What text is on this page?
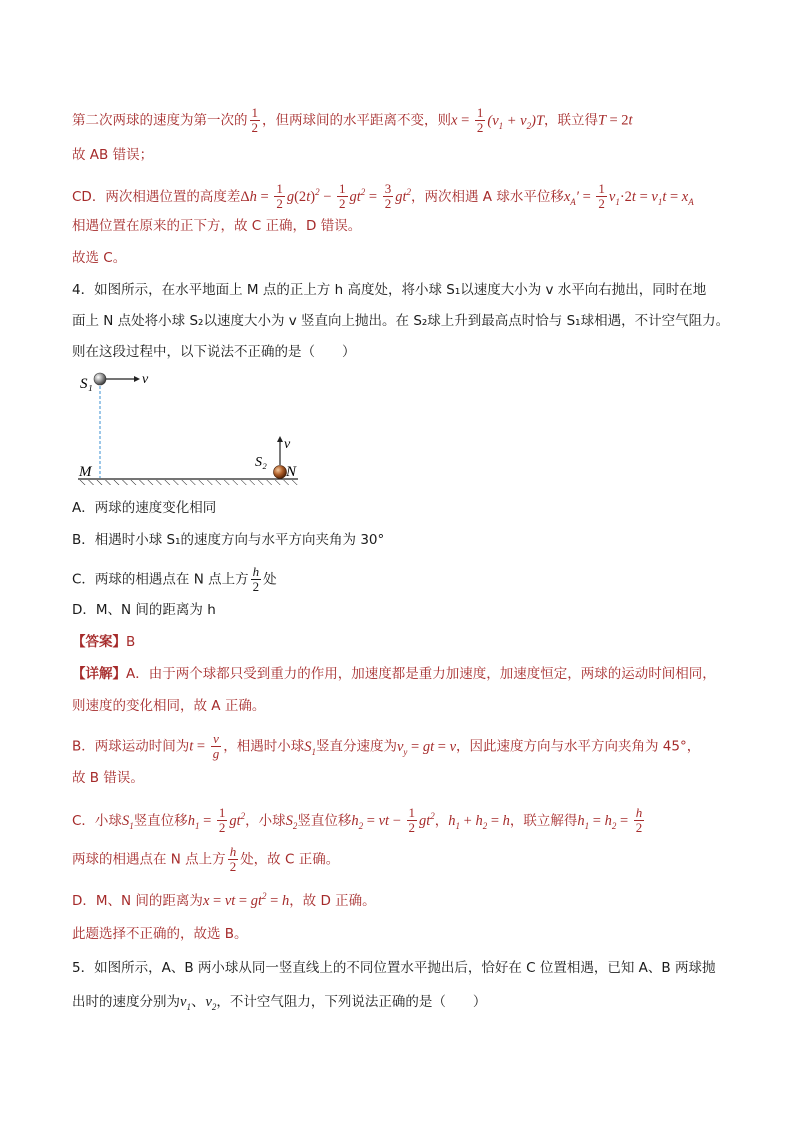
第二次两球的速度为第一次的 $\frac{1}{2}$ ，但两球间的水平距离不变，则$x = \frac{1}{2} (v_1 + v_2)T$，联立得T = 2t
故 AB 错误；
CD．两次相遇位置的高度差$\Delta h = \frac{1}{2} g(2t)^2 - \frac{1}{2} gt^2 = \frac{3}{2} gt^2$，两次相遇 A 球水平位移$x_A' = \frac{1}{2} v_1\cdot 2t = v_1t = x_A$
相遇位置在原来的正下方，故 C 正确，D 错误。
故选 C。
4．如图所示，在水平地面上 M 点的正上方 h 高度处，将小球 S₁以速度大小为 v 水平向右抛出，同时在地
面上 N 点处将小球 S₂以速度大小为 v 竖直向上抛出。在 S₂球上升到最高点时恰与 S₁球相遇，不计空气阻力。
则在这段过程中，以下说法不正确的是（　　）
v
S₁
v
S₂
M	N
A．两球的速度变化相同
B．相遇时小球 S₁的速度方向与水平方向夹角为 30°
C．两球的相遇点在 N 点上方 $\frac{h}{2}$ 处
D．M、N 间的距离为 h
【答案】B
【详解】A．由于两个球都只受到重力的作用，加速度都是重力加速度，加速度恒定，两球的运动时间相同，
则速度的变化相同，故 A 正确。
B．两球运动时间为$t = \frac{v}{g}$ ，相遇时小球$S_1$竖直分速度为$v_y$ = gt = v，因此速度方向与水平方向夹角为 45°，
故 B 错误。
C．小球$S_1$竖直位移$h_1 = \frac{1}{2} gt^2$，小球$S_2$竖直位移$h_2$ = vt − $\frac{1}{2} gt^2$，$h_1 + h_2 = h$，联立解得$h_1 = h_2 = \frac{h}{2}$
两球的相遇点在 N 点上方 $\frac{h}{2}$ 处，故 C 正确。
D．M、N 间的距离为x = vt = $gt^2 = h$，故 D 正确。
此题选择不正确的，故选 B。
5．如图所示，A、B 两小球从同一竖直线上的不同位置水平抛出后，恰好在 C 位置相遇，已知 A、B 两球抛
出时的速度分别为$v_1$、$v_2$，不计空气阻力，下列说法正确的是（　　）
